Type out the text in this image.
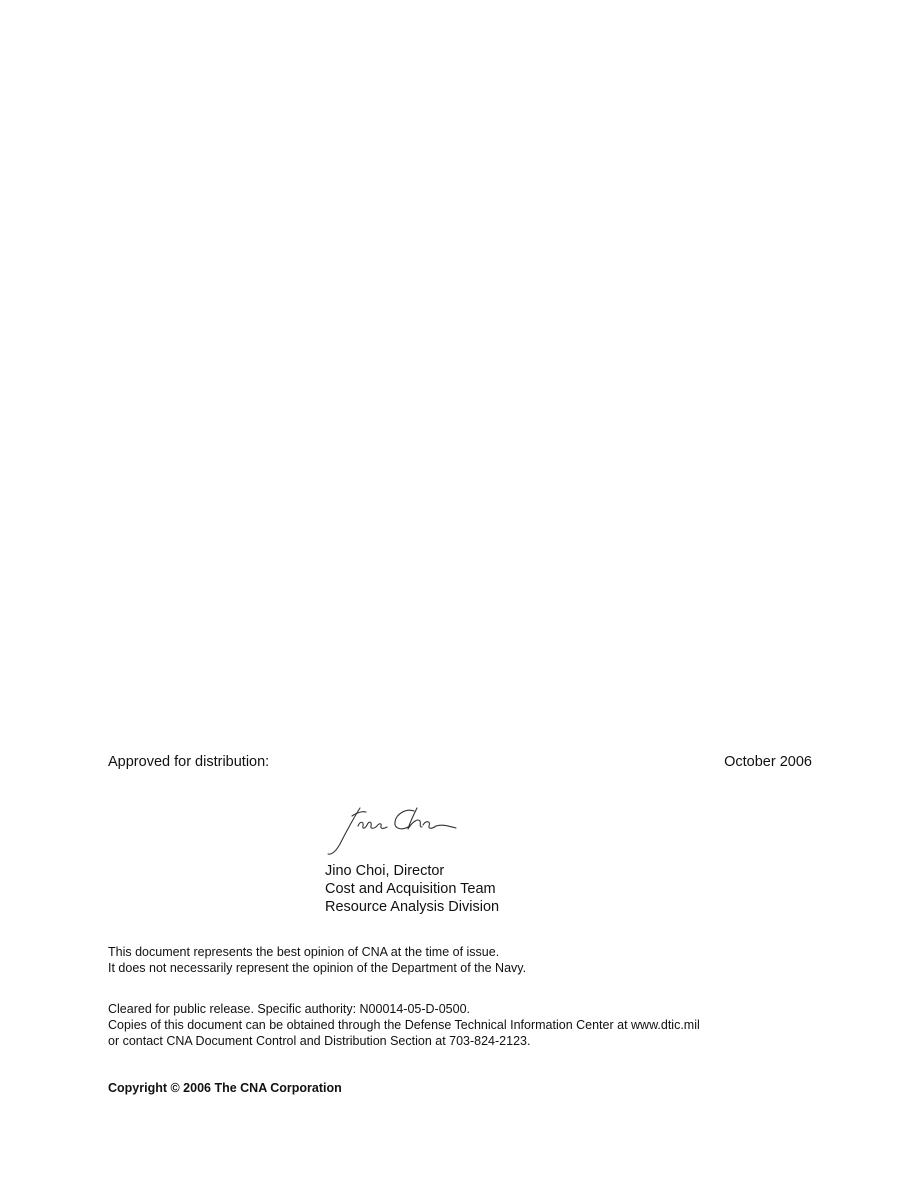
Approved for distribution:	October 2006
Jino Choi, Director
Cost and Acquisition Team
Resource Analysis Division
This document represents the best opinion of CNA at the time of issue.
It does not necessarily represent the opinion of the Department of the Navy.
Cleared for public release. Specific authority: N00014-05-D-0500.
Copies of this document can be obtained through the Defense Technical Information Center at www.dtic.mil
or contact CNA Document Control and Distribution Section at 703-824-2123.
Copyright © 2006 The CNA Corporation
